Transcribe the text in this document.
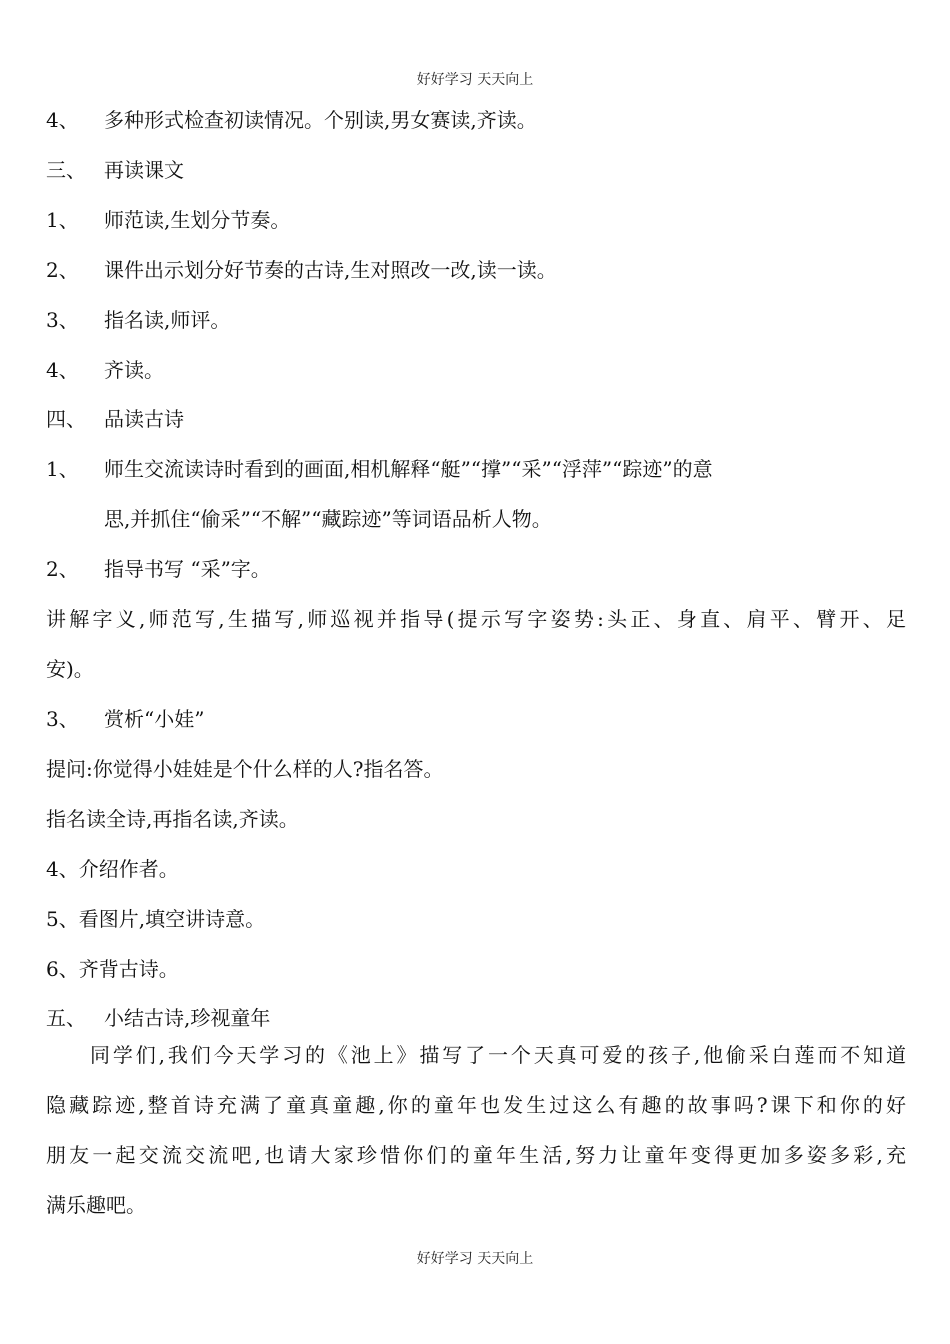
好好学习 天天向上
4、 多种形式检查初读情况。个别读,男女赛读,齐读。
三、 再读课文
1、 师范读,生划分节奏。
2、 课件出示划分好节奏的古诗,生对照改一改,读一读。
3、 指名读,师评。
4、 齐读。
四、 品读古诗
1、 师生交流读诗时看到的画面,相机解释“艇”“撑”“采”“浮萍”“踪迹”的意
思,并抓住“偷采”“不解”“藏踪迹”等词语品析人物。
2、 指导书写 “采”字。
讲解字义,师范写,生描写,师巡视并指导(提示写字姿势:头正、身直、肩平、臂开、足
安)。
3、 赏析“小娃”
提问:你觉得小娃娃是个什么样的人?指名答。
指名读全诗,再指名读,齐读。
4、介绍作者。
5、看图片,填空讲诗意。
6、齐背古诗。
五、 小结古诗,珍视童年
同学们,我们今天学习的《池上》描写了一个天真可爱的孩子,他偷采白莲而不知道
隐藏踪迹,整首诗充满了童真童趣,你的童年也发生过这么有趣的故事吗?课下和你的好
朋友一起交流交流吧,也请大家珍惜你们的童年生活,努力让童年变得更加多姿多彩,充
满乐趣吧。
好好学习 天天向上
